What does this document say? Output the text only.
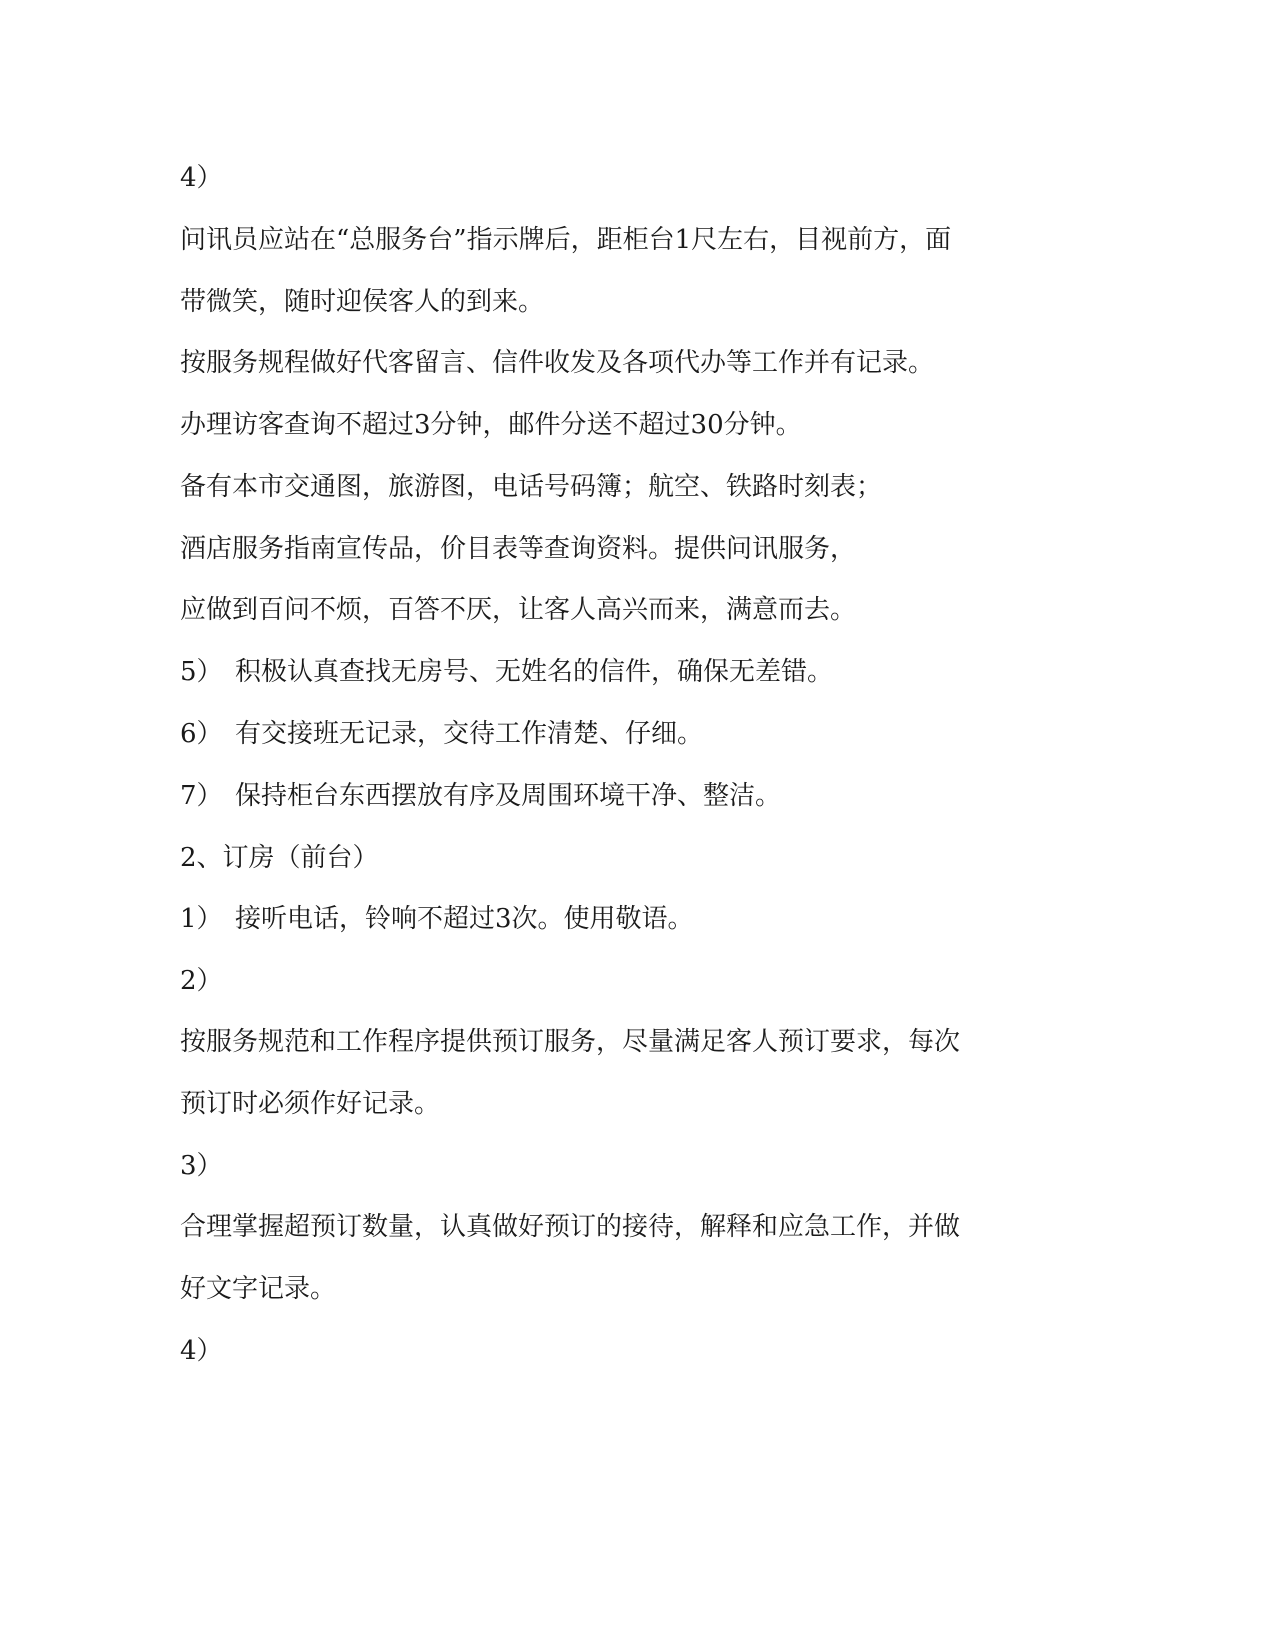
4）
问讯员应站在“总服务台”指示牌后，距柜台1尺左右，目视前方，面
带微笑，随时迎侯客人的到来。
按服务规程做好代客留言、信件收发及各项代办等工作并有记录。
办理访客查询不超过3分钟，邮件分送不超过30分钟。
备有本市交通图，旅游图，电话号码簿；航空、铁路时刻表；
酒店服务指南宣传品，价目表等查询资料。提供问讯服务，
应做到百问不烦，百答不厌，让客人高兴而来，满意而去。
5） 积极认真查找无房号、无姓名的信件，确保无差错。
6） 有交接班无记录，交待工作清楚、仔细。
7） 保持柜台东西摆放有序及周围环境干净、整洁。
2、订房（前台）
1） 接听电话，铃响不超过3次。使用敬语。
2）
按服务规范和工作程序提供预订服务，尽量满足客人预订要求，每次
预订时必须作好记录。
3）
合理掌握超预订数量，认真做好预订的接待，解释和应急工作，并做
好文字记录。
4）
